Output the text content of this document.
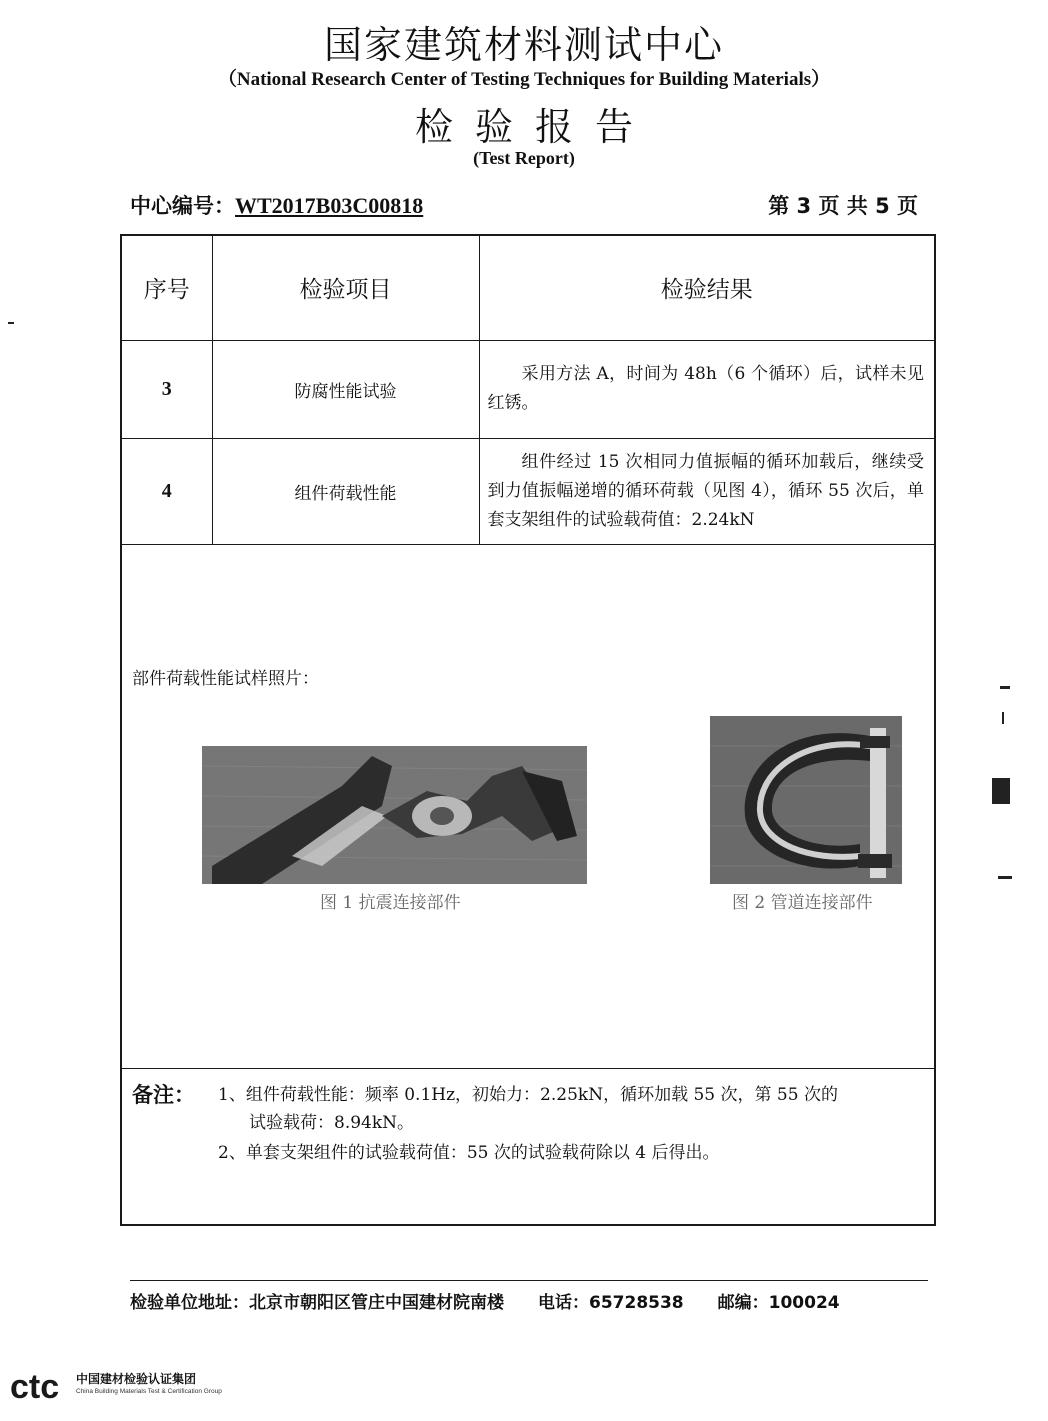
国家建筑材料测试中心
（National Research Center of Testing Techniques for Building Materials）
检验报告
(Test Report)
中心编号：WT2017B03C00818	第 3 页 共 5 页
序号	检验项目	检验结果
3	防腐性能试验	采用方法 A，时间为 48h（6 个循环）后，试样未见红锈。
4	组件荷载性能	组件经过 15 次相同力值振幅的循环加载后，继续受到力值振幅递增的循环荷载（见图 4），循环 55 次后，单套支架组件的试验载荷值：2.24kN
部件荷载性能试样照片：
图 1 抗震连接部件	图 2 管道连接部件
备注： 1、组件荷载性能：频率 0.1Hz，初始力：2.25kN，循环加载 55 次，第 55 次的
试验载荷：8.94kN。
2、单套支架组件的试验载荷值：55 次的试验载荷除以 4 后得出。
检验单位地址：北京市朝阳区管庄中国建材院南楼 电话：65728538 邮编：100024
ctc 中国建材检验认证集团
China Building Materials Test & Certification Group
